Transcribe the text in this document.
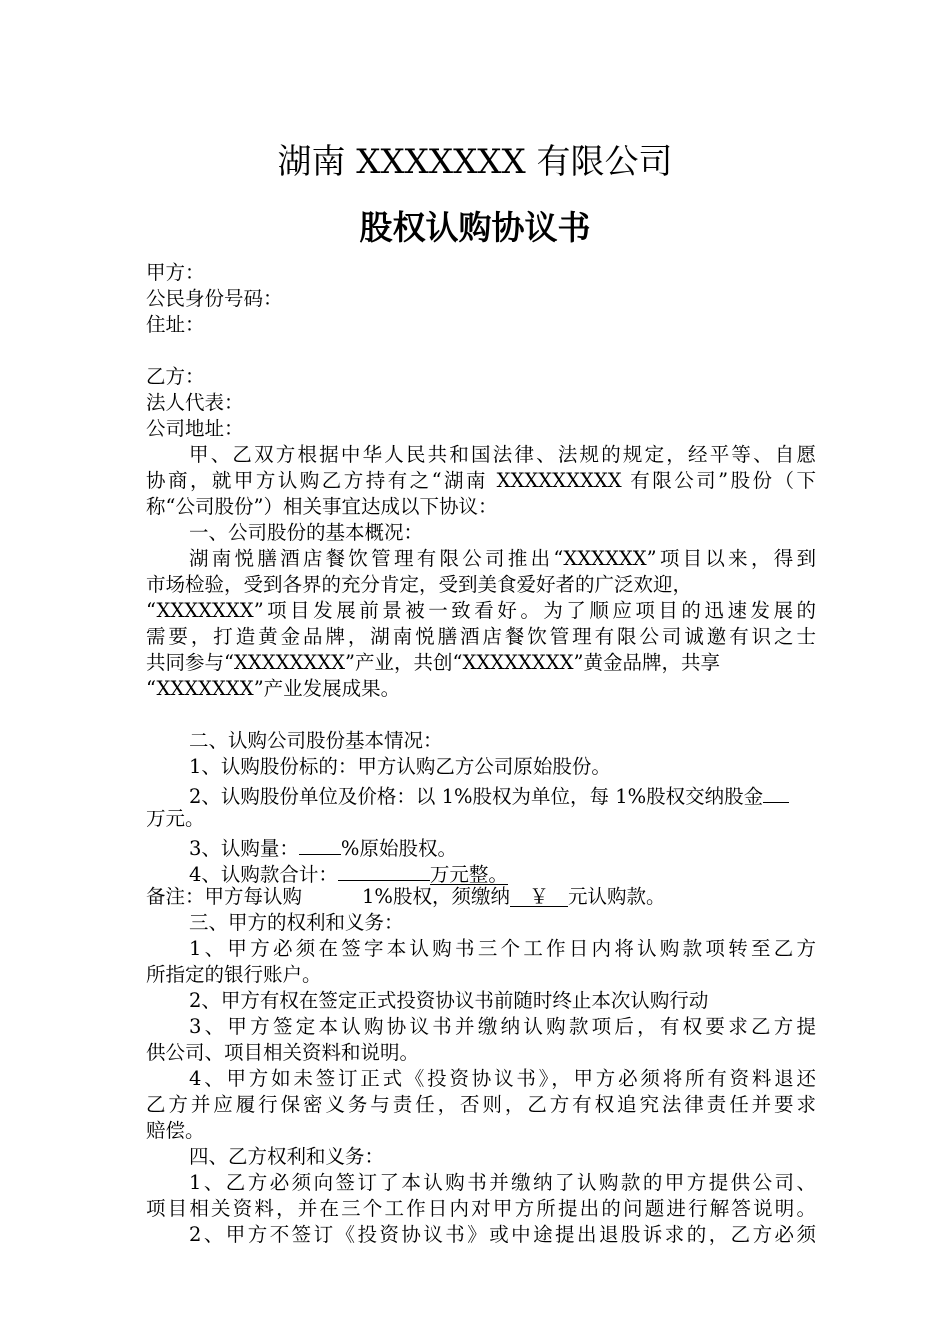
湖南 XXXXXXX 有限公司
股权认购协议书
甲方：
公民身份号码：
住址：
乙方：
法人代表：
公司地址：
甲、乙双方根据中华人民共和国法律、法规的规定，经平等、自愿
协商，就甲方认购乙方持有之“湖南 XXXXXXXXX 有限公司”股份（下
称“公司股份”）相关事宜达成以下协议：
一、公司股份的基本概况：
湖南悦膳酒店餐饮管理有限公司推出“XXXXXX”项目以来，得到
市场检验，受到各界的充分肯定，受到美食爱好者的广泛欢迎，
“XXXXXXX”项目发展前景被一致看好。为了顺应项目的迅速发展的
需要，打造黄金品牌，湖南悦膳酒店餐饮管理有限公司诚邀有识之士
共同参与“XXXXXXXX”产业，共创“XXXXXXXX”黄金品牌，共享
“XXXXXXX”产业发展成果。
二、认购公司股份基本情况：
1、认购股份标的：甲方认购乙方公司原始股份。
2、认购股份单位及价格：以 1%股权为单位，每 1%股权交纳股金
万元。
3、认购量： %原始股权。
4、认购款合计：	万元整。
备注：甲方每认购	1%股权，须缴纳 ￥ 元认购款。
三、甲方的权利和义务：
1、甲方必须在签字本认购书三个工作日内将认购款项转至乙方
所指定的银行账户。
2、甲方有权在签定正式投资协议书前随时终止本次认购行动
3、甲方签定本认购协议书并缴纳认购款项后，有权要求乙方提
供公司、项目相关资料和说明。
4、甲方如未签订正式《投资协议书》，甲方必须将所有资料退还
乙方并应履行保密义务与责任，否则，乙方有权追究法律责任并要求
赔偿。
四、乙方权利和义务：
1、乙方必须向签订了本认购书并缴纳了认购款的甲方提供公司、
项目相关资料，并在三个工作日内对甲方所提出的问题进行解答说明。
2、甲方不签订《投资协议书》或中途提出退股诉求的，乙方必须
